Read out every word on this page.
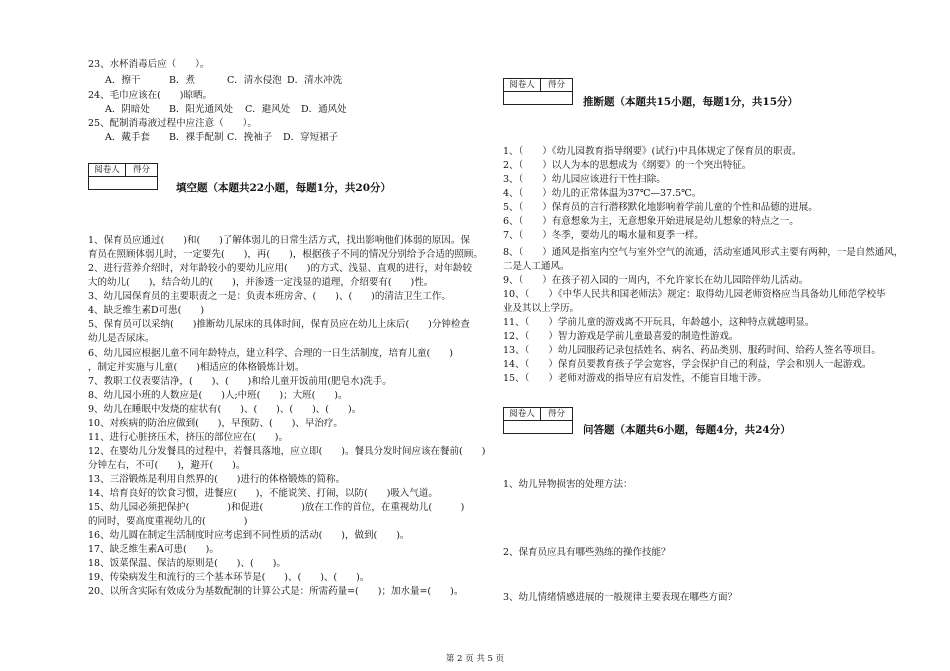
23、水杯消毒后应（　　）。
A．擦干	B．煮	C．清水侵泡 D．清水冲洗
24、毛巾应该在(　　)晾晒。
A．阴暗处 B．阳光通风处 C．避风处 D．通风处
25、配制消毒液过程中应注意（　　）。
A．戴手套 B．裸手配制 C．挽袖子 D．穿短裙子
阅卷人	得分
填空题（本题共22小题，每题1分，共20分）
1、保育员应通过(　　)和(　　)了解体弱儿的日常生活方式，找出影响他们体弱的原因。保
育员在照顾体弱儿时，一定要先(　　)，再(　　)，根据孩子不同的情况分别给予合适的照顾。
2、进行营养介绍时，对年龄较小的要幼儿应用(　　)的方式、浅显、直观的进行，对年龄较
大的幼儿(　　)，结合幼儿的(　　)，并渗透一定浅显的道理，介绍要有(　　)性。
3、幼儿园保育员的主要职责之一是：负责本班房舍、(　　)、(　　)的清洁卫生工作。
4、缺乏维生素D可患(　　)
5、保育员可以采纳(　　)推断幼儿尿床的具体时间，保育员应在幼儿上床后(　　)分钟检查
幼儿是否尿床。
6、幼儿园应根据儿童不同年龄特点，建立科学、合理的一日生活制度，培育儿童(　　)
，制定并实施与儿童(　　)相适应的体格锻炼计划。
7、教职工仪表要洁净，(　　)、(　　)和给儿童开饭前用(肥皂水)洗手。
8、幼儿园小班的人数应是(　　)人;中班(　　)；大班(　　)。
9、幼儿在睡眠中发烧的症状有(　　)、(　　)、(　　)、(　　)。
10、对疾病的防治应做到(　　)，早预防、(　　)、早治疗。
11、进行心脏挤压术，挤压的部位应在(　　)。
12、在婴幼儿分发餐具的过程中，若餐具落地，应立即(　　)。餐具分发时间应该在餐前(　　)
分钟左右，不可(　　)，避开(　　)。
13、三浴锻炼是利用自然界的(　　)进行的体格锻炼的简称。
14、培育良好的饮食习惯，进餐应(　　)，不能说笑、打闹，以防(　　)吸入气道。
15、幼儿园必须把保护(　　　　)和促进(　　　　)放在工作的首位，在重视幼儿(　　　)
的同时，要高度重视幼儿的(　　　　)
16、幼儿圆在制定生活制度时应考虑到不同性质的活动(　　)，做到(　　)。
17、缺乏维生素A可患(　　)。
18、饭菜保温、保洁的原则是(　　)、(　　)。
19、传染病发生和流行的三个基本环节是(　　)、(　　)、(　　)。
20、以所含实际有效成分为基数配制的计算公式是：所需药量=(　　)；加水量=(　　)。
阅卷人	得分
推断题（本题共15小题，每题1分，共15分）
1、（　　）《幼儿园教育指导纲要》(试行)中具体规定了保育员的职责。
2、（　　）以人为本的思想成为《纲要》的一个突出特征。
3、（　　）幼儿园应该进行干性扫除。
4、（　　）幼儿的正常体温为37℃—37.5℃。
5、（　　）保育员的言行潜移默化地影响着学前儿童的个性和品德的进展。
6、（　　）有意想象为主，无意想象开始进展是幼儿想象的特点之一。
7、（　　）冬季，要幼儿的喝水量和夏季一样。
8、（　　）通风是指室内空气与室外空气的流通，活动室通风形式主要有两种，一是自然通风，
二是人工通风。
9、（　　）在孩子初入园的一周内，不允许家长在幼儿园陪伴幼儿活动。
10、（　　）《中华人民共和国老师法》规定：取得幼儿园老师资格应当具备幼儿师范学校毕
业及其以上学历。
11、（　　）学前儿童的游戏离不开玩具，年龄越小，这种特点就越明显。
12、（　　）智力游戏是学前儿童最喜爱的制造性游戏。
13、（　　）幼儿园服药记录包括姓名、病名、药品类别、服药时间、给药人签名等项目。
14、（　　）保育员要教育孩子学会宽容，学会保护自己的利益，学会和别人一起游戏。
15、（　　）老师对游戏的指导应有启发性，不能盲目地干涉。
阅卷人	得分
问答题（本题共6小题，每题4分，共24分）
1、幼儿异物损害的处理方法：
2、保育员应具有哪些熟练的操作技能？
3、幼儿情绪情感进展的一般规律主要表现在哪些方面？
第 2 页 共 5 页
